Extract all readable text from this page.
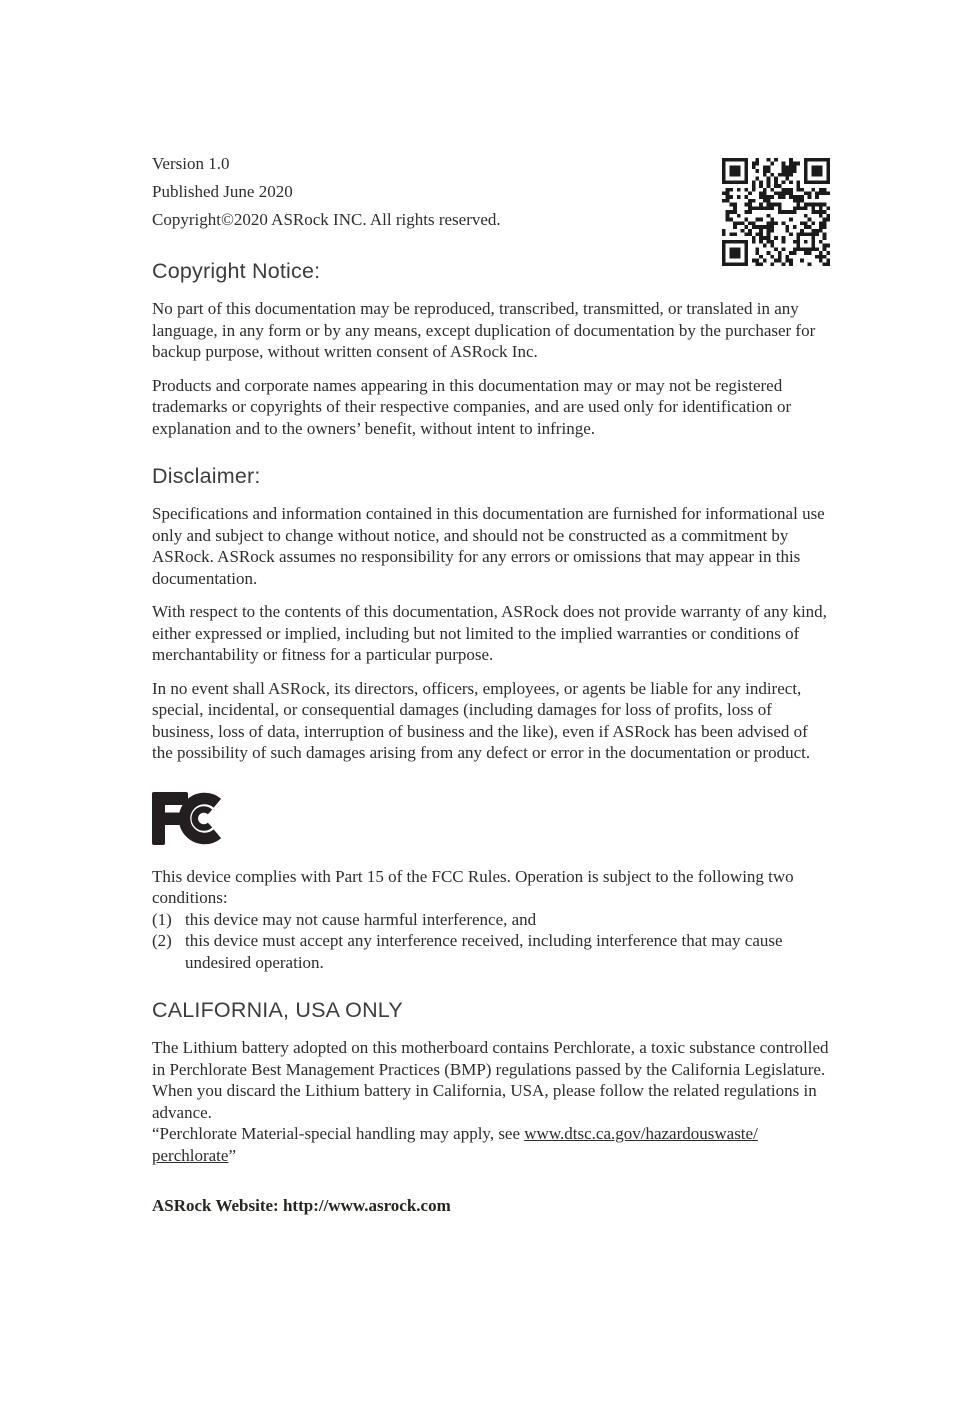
Version 1.0
Published June 2020
Copyright©2020 ASRock INC. All rights reserved.
Copyright Notice:

No part of this documentation may be reproduced, transcribed, transmitted, or translated in any language, in any form or by any means, except duplication of documentation by the purchaser for backup purpose, without written consent of ASRock Inc.

Products and corporate names appearing in this documentation may or may not be registered trademarks or copyrights of their respective companies, and are used only for identification or explanation and to the owners’ benefit, without intent to infringe.

Disclaimer:

Specifications and information contained in this documentation are furnished for informational use only and subject to change without notice, and should not be constructed as a commitment by ASRock. ASRock assumes no responsibility for any errors or omissions that may appear in this documentation.

With respect to the contents of this documentation, ASRock does not provide warranty of any kind, either expressed or implied, including but not limited to the implied warranties or conditions of merchantability or fitness for a particular purpose.

In no event shall ASRock, its directors, officers, employees, or agents be liable for any indirect, special, incidental, or consequential damages (including damages for loss of profits, loss of business, loss of data, interruption of business and the like), even if ASRock has been advised of the possibility of such damages arising from any defect or error in the documentation or product.

This device complies with Part 15 of the FCC Rules. Operation is subject to the following two conditions:

(1) this device may not cause harmful interference, and
(2) this device must accept any interference received, including interference that may cause undesired operation.
CALIFORNIA, USA ONLY

The Lithium battery adopted on this motherboard contains Perchlorate, a toxic substance controlled in Perchlorate Best Management Practices (BMP) regulations passed by the California Legislature. When you discard the Lithium battery in California, USA, please follow the related regulations in advance.

“Perchlorate Material-special handling may apply, see www.dtsc.ca.gov/hazardouswaste/
perchlorate”

ASRock Website: http://www.asrock.com
